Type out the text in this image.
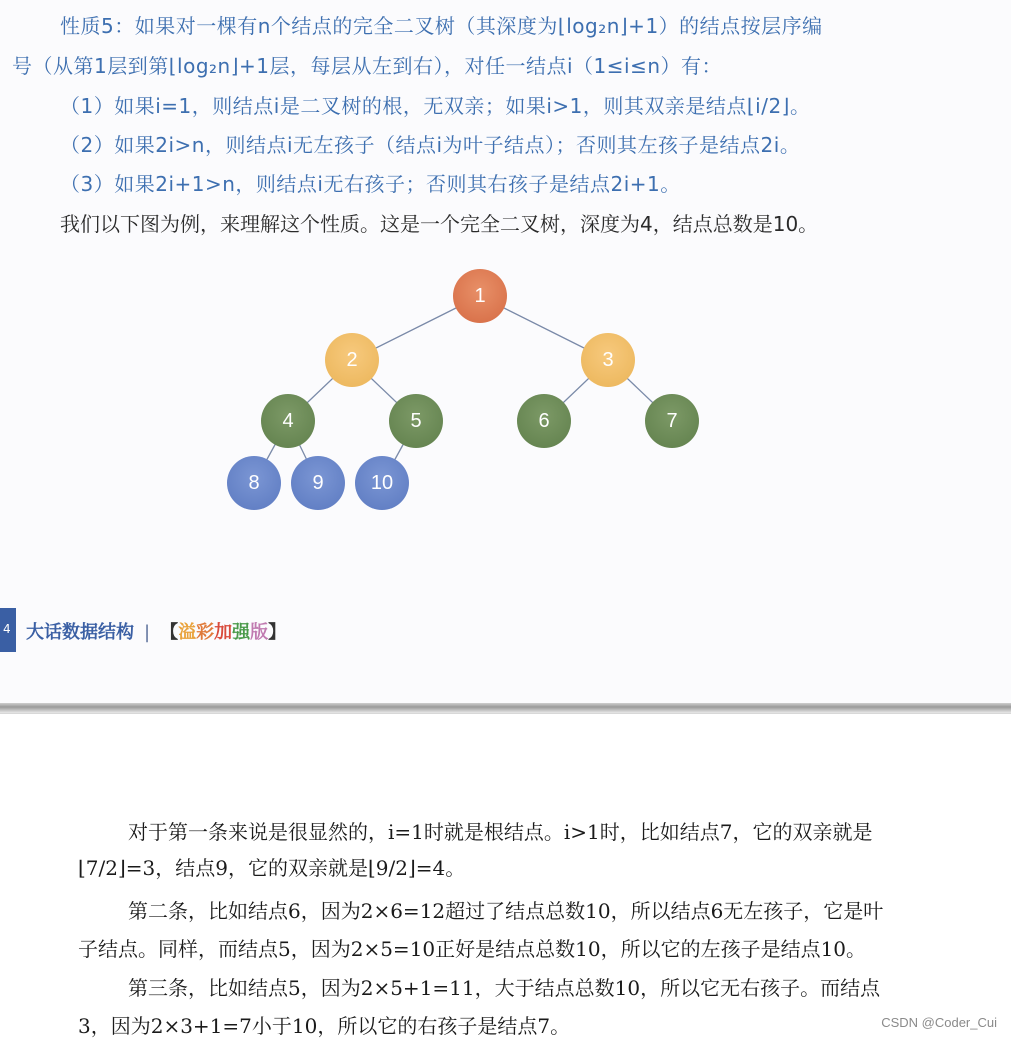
性质5：如果对一棵有n个结点的完全二叉树（其深度为⌊log₂n⌋+1）的结点按层序编
号（从第1层到第⌊log₂n⌋+1层，每层从左到右），对任一结点i（1≤i≤n）有：
（1）如果i=1，则结点i是二叉树的根，无双亲；如果i>1，则其双亲是结点⌊i/2⌋。
（2）如果2i>n，则结点i无左孩子（结点i为叶子结点）；否则其左孩子是结点2i。
（3）如果2i+1>n，则结点i无右孩子；否则其右孩子是结点2i+1。
我们以下图为例，来理解这个性质。这是一个完全二叉树，深度为4，结点总数是10。
1
2	3
4	5	6	7
8	9	10
4 大话数据结构 | 【溢彩加强版】
对于第一条来说是很显然的，i=1时就是根结点。i>1时，比如结点7，它的双亲就是
⌊7/2⌋=3，结点9，它的双亲就是⌊9/2⌋=4。
第二条，比如结点6，因为2×6=12超过了结点总数10，所以结点6无左孩子，它是叶
子结点。同样，而结点5，因为2×5=10正好是结点总数10，所以它的左孩子是结点10。
第三条，比如结点5，因为2×5+1=11，大于结点总数10，所以它无右孩子。而结点
3，因为2×3+1=7小于10，所以它的右孩子是结点7。	CSDN @Coder_Cui
